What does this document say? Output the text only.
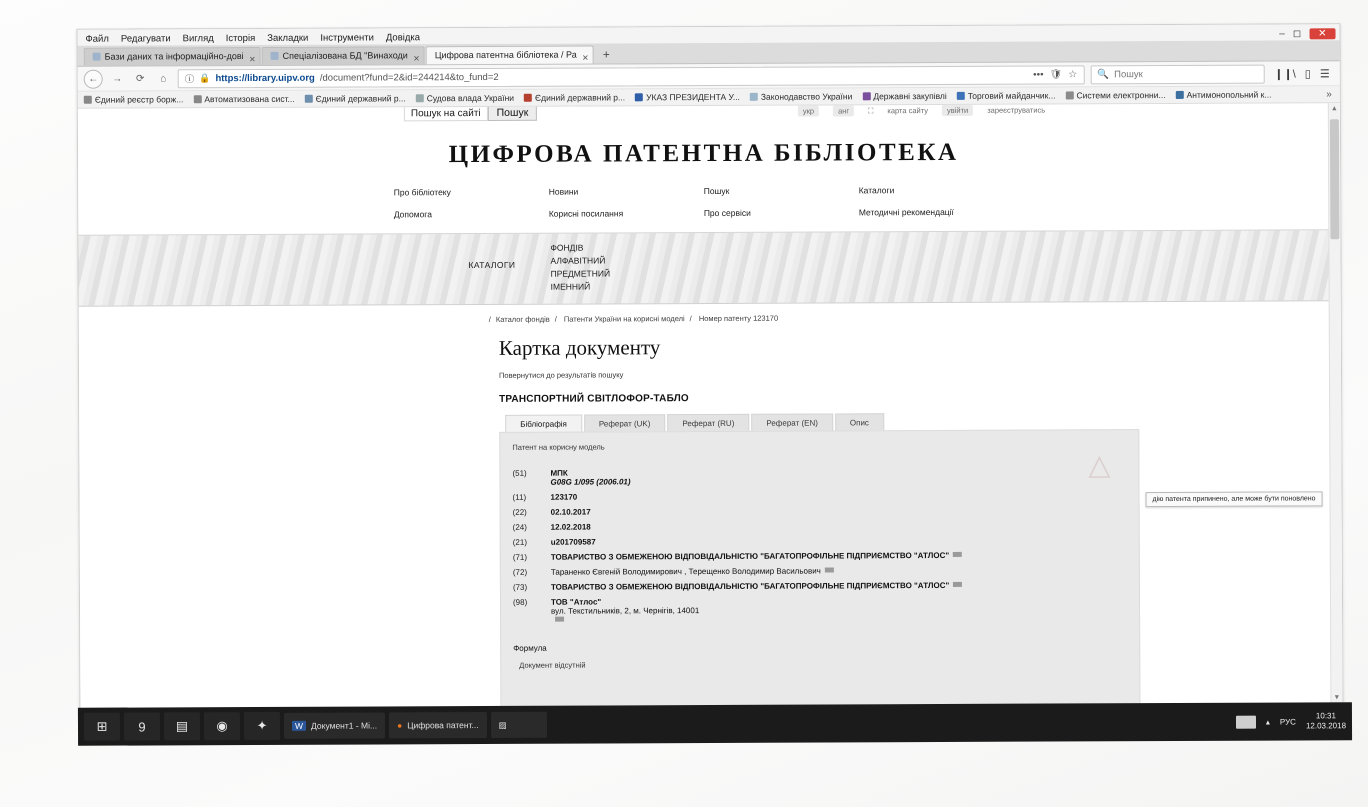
Файл Редагувати Вигляд Історія Закладки Інструменти Довідка
Бази даних та інформаційно-дові ✕	Спеціалізована БД "Винаходи ✕	Цифрова патентна бібліотека / Ра ✕	+
– ◻	✕
←	→	⟳	⌂	ⓘ 🔒 https://library.uipv.org /document?fund=2&id=244214&to_fund=2	••• 🛡 ☆ 🔍 Пошук	❙❙\ ▯ ☰
Єдиний реєстр борж... Автоматизована сист... Єдиний державний р... Судова влада України Єдиний державний р... УКАЗ ПРЕЗИДЕНТА У... Законодавство України Державні закупівлі Торговий майданчик... Системи електронни... Антимонопольний к...	»
Пошук на сайті	Пошук	укр	анг	⛶ карта сайту	увійти	зареєструватись
ЦИФРОВА ПАТЕНТНА БІБЛІОТЕКА
Про бібліотеку	Новини	Пошук	Каталоги
Допомога	Корисні посилання	Про сервіси	Методичні рекомендації
КАТАЛОГИ
ФОНДІВ
АЛФАВІТНИЙ
ПРЕДМЕТНИЙ
ІМЕННИЙ
/ Каталог фондів / Патенти України на корисні моделі / Номер патенту 123170
Картка документу
Повернутися до результатів пошуку
ТРАНСПОРТНИЙ СВІТЛОФОР-ТАБЛО
Бібліографія	Реферат (UK)	Реферат (RU)	Реферат (EN)	Опис
Патент на корисну модель
(51)	МПК
G08G 1/095 (2006.01)
(11)	123170
(22)	02.10.2017
(24)	12.02.2018
(21)	u201709587
(71)	ТОВАРИСТВО З ОБМЕЖЕНОЮ ВІДПОВІДАЛЬНІСТЮ "БАГАТОПРОФІЛЬНЕ ПІДПРИЄМСТВО "АТЛОС"
(72)	Тараненко Євгеній Володимирович , Терещенко Володимир Васильович
(73)	ТОВАРИСТВО З ОБМЕЖЕНОЮ ВІДПОВІДАЛЬНІСТЮ "БАГАТОПРОФІЛЬНЕ ПІДПРИЄМСТВО "АТЛОС"
(98)	ТОВ "Атлос"
вул. Текстильників, 2, м. Чернігів, 14001

дію патента припинено, але може бути поновлено
Формула
Документ відсутній
▲
▼
⊞	9	▤	◉	✦	W Документ1 - Mi... ● Цифрова патент... ▨	▴ РУС
10:31
12.03.2018
